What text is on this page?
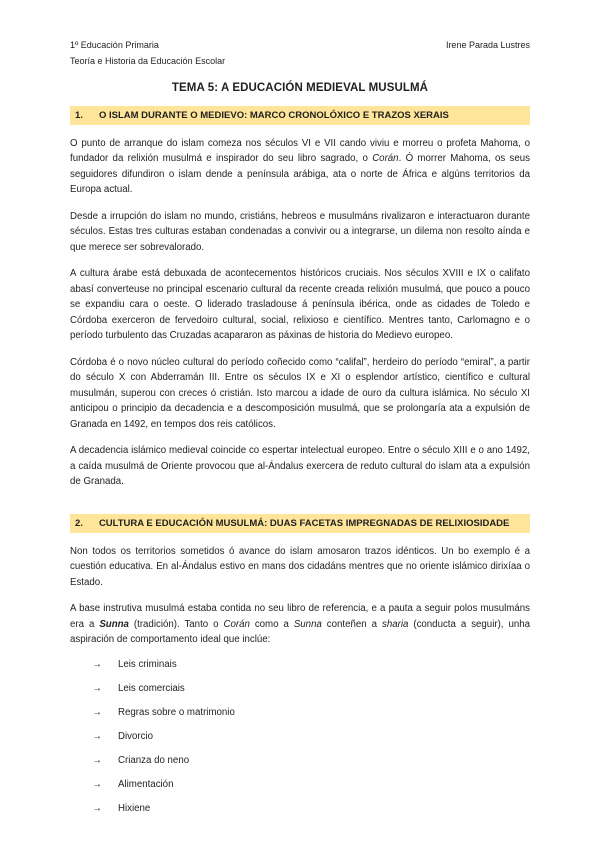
1º Educación Primaria
Teoría e Historia da Educación Escolar
Irene Parada Lustres
TEMA 5: A EDUCACIÓN MEDIEVAL MUSULMÁ
1. O ISLAM DURANTE O MEDIEVO: MARCO CRONOLÓXICO E TRAZOS XERAIS

O punto de arranque do islam comeza nos séculos VI e VII cando viviu e morreu o profeta Mahoma, o fundador da relixión musulmá e inspirador do seu libro sagrado, o Corán. Ó morrer Mahoma, os seus seguidores difundiron o islam dende a península arábiga, ata o norte de África e algúns territorios da Europa actual.

Desde a irrupción do islam no mundo, cristiáns, hebreos e musulmáns rivalizaron e interactuaron durante séculos. Estas tres culturas estaban condenadas a convivir ou a integrarse, un dilema non resolto aínda e que merece ser sobrevalorado.

A cultura árabe está debuxada de acontecementos históricos cruciais. Nos séculos XVIII e IX o califato abasí converteuse no principal escenario cultural da recente creada relixión musulmá, que pouco a pouco se expandiu cara o oeste. O liderado trasladouse á península ibérica, onde as cidades de Toledo e Córdoba exerceron de fervedoiro cultural, social, relixioso e científico. Mentres tanto, Carlomagno e o período turbulento das Cruzadas acapararon as páxinas de historia do Medievo europeo.

Córdoba é o novo núcleo cultural do período coñecido como “califal”, herdeiro do período “emiral”, a partir do século X con Abderramán III. Entre os séculos IX e XI o esplendor artístico, científico e cultural musulmán, superou con creces ó cristián. Isto marcou a idade de ouro da cultura islámica. No século XI anticipou o principio da decadencia e a descomposición musulmá, que se prolongaría ata a expulsión de Granada en 1492, en tempos dos reis católicos.

A decadencia islámico medieval coincide co espertar intelectual europeo. Entre o século XIII e o ano 1492, a caída musulmá de Oriente provocou que al-Ándalus exercera de reduto cultural do islam ata a expulsión de Granada.

2. CULTURA E EDUCACIÓN MUSULMÁ: DUAS FACETAS IMPREGNADAS DE RELIXIOSIDADE

Non todos os territorios sometidos ó avance do islam amosaron trazos idénticos. Un bo exemplo é a cuestión educativa. En al-Ándalus estivo en mans dos cidadáns mentres que no oriente islámico dirixíaa o Estado.

A base instrutiva musulmá estaba contida no seu libro de referencia, e a pauta a seguir polos musulmáns era a Sunna (tradición). Tanto o Corán como a Sunna conteñen a sharia (conducta a seguir), unha aspiración de comportamento ideal que inclúe:

→	Leis criminais
→	Leis comerciais
→	Regras sobre o matrimonio
→	Divorcio
→	Crianza do neno
→	Alimentación
→	Hixiene
